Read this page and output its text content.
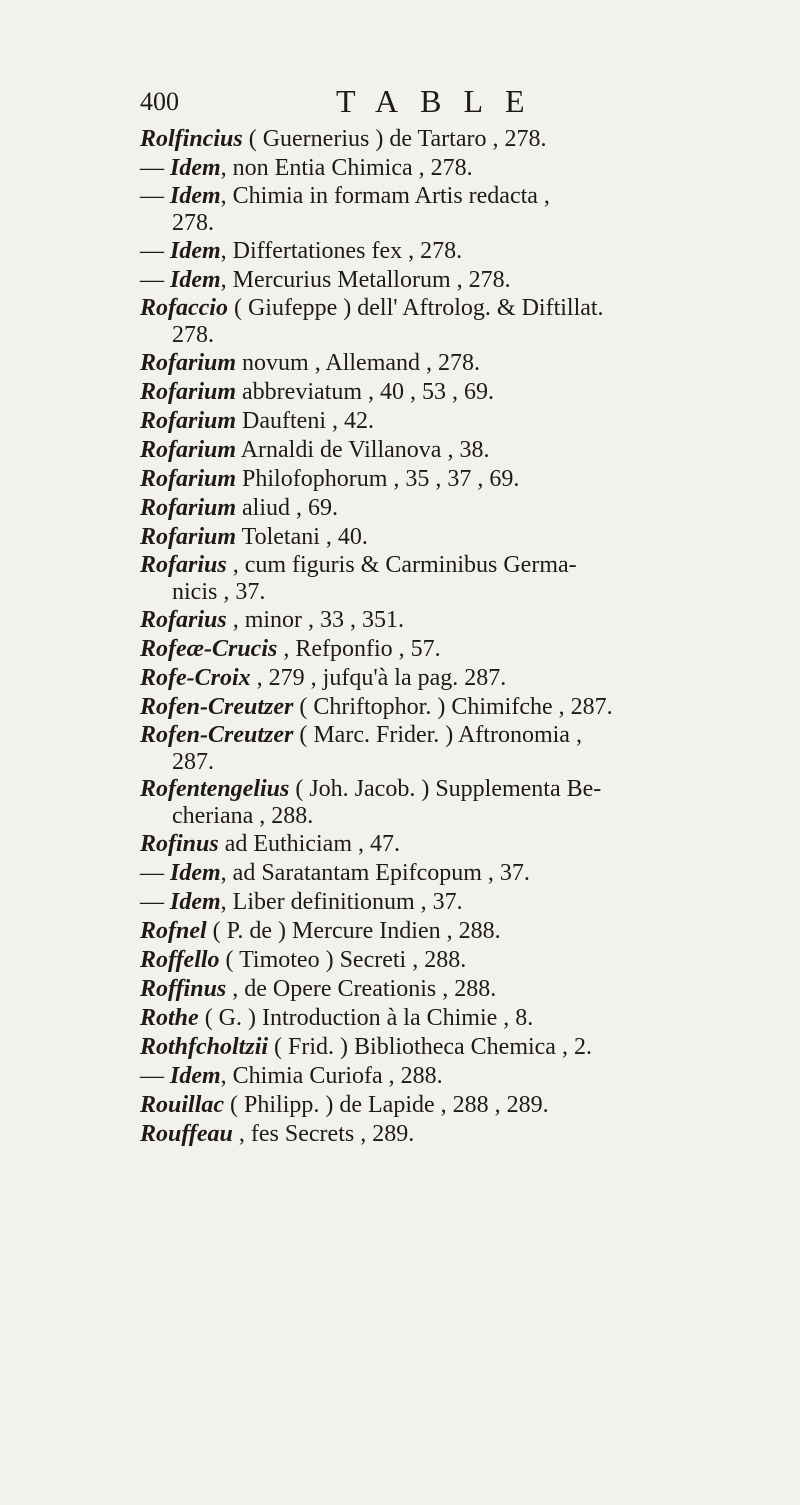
400	TABLE
Rolfincius ( Guernerius ) de Tartaro , 278.
— Idem, non Entia Chimica , 278.
— Idem, Chimia in formam Artis redacta ,
278.
— Idem, Differtationes fex , 278.
— Idem, Mercurius Metallorum , 278.
Rofaccio ( Giufeppe ) dell' Aftrolog. & Diftillat.
278.
Rofarium novum , Allemand , 278.
Rofarium abbreviatum , 40 , 53 , 69.
Rofarium Daufteni , 42.
Rofarium Arnaldi de Villanova , 38.
Rofarium Philofophorum , 35 , 37 , 69.
Rofarium aliud , 69.
Rofarium Toletani , 40.
Rofarius , cum figuris & Carminibus Germa-
nicis , 37.
Rofarius , minor , 33 , 351.
Rofeæ-Crucis , Refponfio , 57.
Rofe-Croix , 279 , jufqu'à la pag. 287.
Rofen-Creutzer ( Chriftophor. ) Chimifche , 287.
Rofen-Creutzer ( Marc. Frider. ) Aftronomia ,
287.
Rofentengelius ( Joh. Jacob. ) Supplementa Be-
cheriana , 288.
Rofinus ad Euthiciam , 47.
— Idem, ad Saratantam Epifcopum , 37.
— Idem, Liber definitionum , 37.
Rofnel ( P. de ) Mercure Indien , 288.
Roffello ( Timoteo ) Secreti , 288.
Roffinus , de Opere Creationis , 288.
Rothe ( G. ) Introduction à la Chimie , 8.
Rothfcholtzii ( Frid. ) Bibliotheca Chemica , 2.
— Idem, Chimia Curiofa , 288.
Rouillac ( Philipp. ) de Lapide , 288 , 289.
Rouffeau , fes Secrets , 289.
